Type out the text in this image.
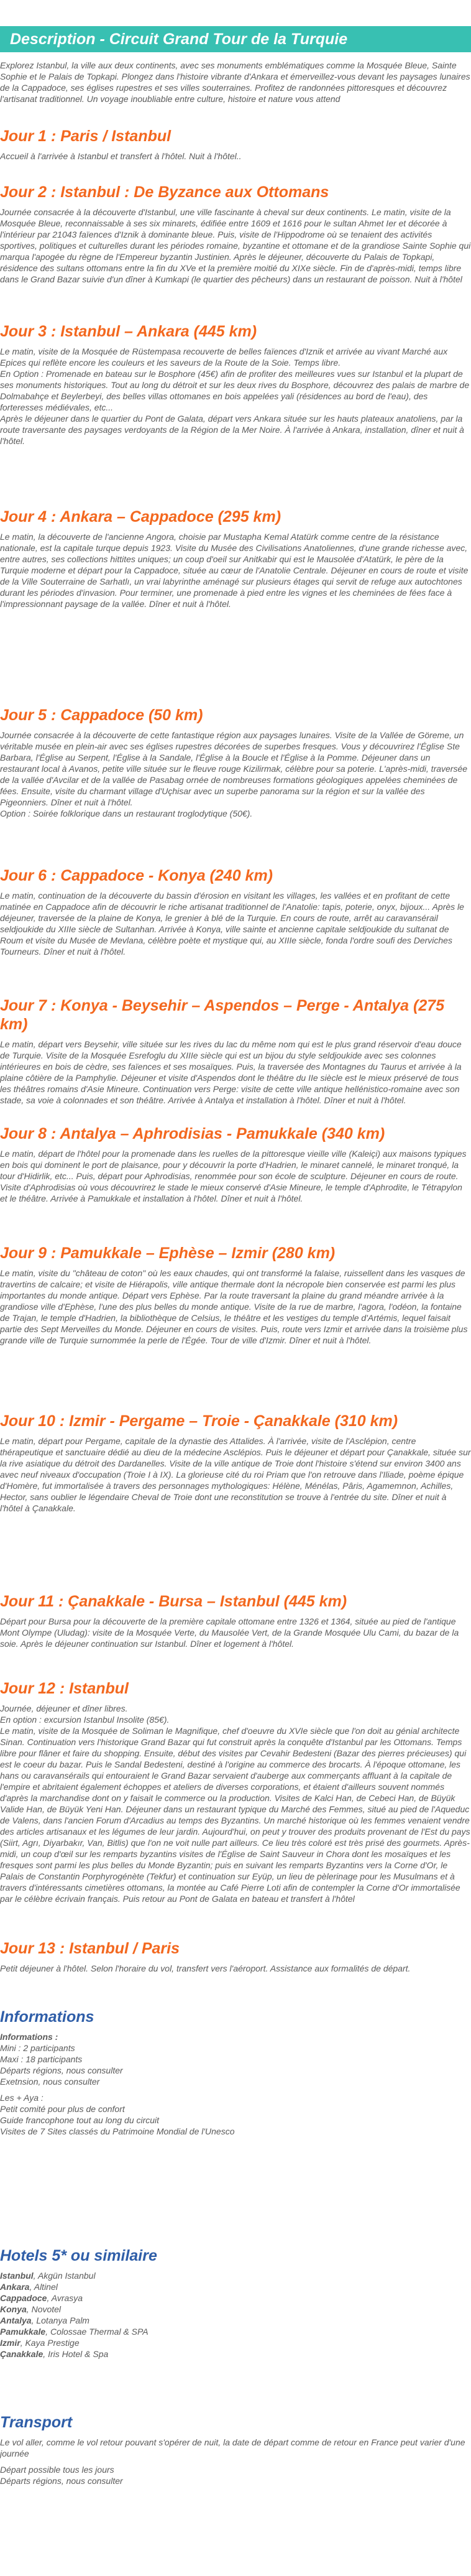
Description - Circuit Grand Tour de la Turquie

Explorez Istanbul, la ville aux deux continents, avec ses monuments emblématiques comme la Mosquée Bleue, Sainte Sophie et le Palais de Topkapi. Plongez dans l'histoire vibrante d'Ankara et émerveillez-vous devant les paysages lunaires de la Cappadoce, ses églises rupestres et ses villes souterraines. Profitez de randonnées pittoresques et découvrez l'artisanat traditionnel. Un voyage inoubliable entre culture, histoire et nature vous attend

Jour 1 : Paris / Istanbul

Accueil à l'arrivée à Istanbul et transfert à l'hôtel. Nuit à l'hôtel..

Jour 2 : Istanbul : De Byzance aux Ottomans

Journée consacrée à la découverte d'Istanbul, une ville fascinante à cheval sur deux continents. Le matin, visite de la Mosquée Bleue, reconnaissable à ses six minarets, édifiée entre 1609 et 1616 pour le sultan Ahmet Ier et décorée à l'intérieur par 21043 faïences d'Iznik à dominante bleue. Puis, visite de l'Hippodrome où se tenaient des activités sportives, politiques et culturelles durant les périodes romaine, byzantine et ottomane et de la grandiose Sainte Sophie qui marqua l'apogée du règne de l'Empereur byzantin Justinien. Après le déjeuner, découverte du Palais de Topkapi, résidence des sultans ottomans entre la fin du XVe et la première moitié du XIXe siècle. Fin de d'après-midi, temps libre dans le Grand Bazar suivie d'un dîner à Kumkapi (le quartier des pêcheurs) dans un restaurant de poisson. Nuit à l'hôtel

Jour 3 : Istanbul – Ankara (445 km)

Le matin, visite de la Mosquée de Rüstempasa recouverte de belles faïences d'Iznik et arrivée au vivant Marché aux Epices qui reflète encore les couleurs et les saveurs de la Route de la Soie. Temps libre.

En Option : Promenade en bateau sur le Bosphore (45€) afin de profiter des meilleures vues sur Istanbul et la plupart de ses monuments historiques. Tout au long du détroit et sur les deux rives du Bosphore, découvrez des palais de marbre de Dolmabahçe et Beylerbeyi, des belles villas ottomanes en bois appelées yali (résidences au bord de l'eau), des forteresses médiévales, etc...

Après le déjeuner dans le quartier du Pont de Galata, départ vers Ankara située sur les hauts plateaux anatoliens, par la route traversante des paysages verdoyants de la Région de la Mer Noire. À l'arrivée à Ankara, installation, dîner et nuit à l'hôtel.

Jour 4 : Ankara – Cappadoce (295 km)

Le matin, la découverte de l'ancienne Angora, choisie par Mustapha Kemal Atatürk comme centre de la résistance nationale, est la capitale turque depuis 1923. Visite du Musée des Civilisations Anatoliennes, d'une grande richesse avec, entre autres, ses collections hittites uniques; un coup d'oeil sur Anitkabir qui est le Mausolée d'Atatürk, le père de la Turquie moderne et départ pour la Cappadoce, située au cœur de l'Anatolie Centrale. Déjeuner en cours de route et visite de la Ville Souterraine de Sarhatlı, un vrai labyrinthe aménagé sur plusieurs étages qui servit de refuge aux autochtones durant les périodes d'invasion. Pour terminer, une promenade à pied entre les vignes et les cheminées de fées face à l'impressionnant paysage de la vallée. Dîner et nuit à l'hôtel.

Jour 5 : Cappadoce (50 km)

Journée consacrée à la découverte de cette fantastique région aux paysages lunaires. Visite de la Vallée de Göreme, un véritable musée en plein-air avec ses églises rupestres décorées de superbes fresques. Vous y découvrirez l'Église Ste Barbara, l'Église au Serpent, l'Église à la Sandale, l'Église à la Boucle et l'Église à la Pomme. Déjeuner dans un restaurant local à Avanos, petite ville située sur le fleuve rouge Kizilirmak, célèbre pour sa poterie. L'après-midi, traversée de la vallée d'Avcilar et de la vallée de Pasabag ornée de nombreuses formations géologiques appelées cheminées de fées. Ensuite, visite du charmant village d'Uçhisar avec un superbe panorama sur la région et sur la vallée des Pigeonniers. Dîner et nuit à l'hôtel.

Option : Soirée folklorique dans un restaurant troglodytique (50€).

Jour 6 : Cappadoce - Konya (240 km)

Le matin, continuation de la découverte du bassin d'érosion en visitant les villages, les vallées et en profitant de cette matinée en Cappadoce afin de découvrir le riche artisanat traditionnel de l'Anatolie: tapis, poterie, onyx, bijoux... Après le déjeuner, traversée de la plaine de Konya, le grenier à blé de la Turquie. En cours de route, arrêt au caravansérail seldjoukide du XIIIe siècle de Sultanhan. Arrivée à Konya, ville sainte et ancienne capitale seldjoukide du sultanat de Roum et visite du Musée de Mevlana, célèbre poète et mystique qui, au XIIIe siècle, fonda l'ordre soufi des Derviches Tourneurs. Dîner et nuit à l'hôtel.

Jour 7 : Konya - Beysehir – Aspendos – Perge - Antalya (275 km)

Le matin, départ vers Beysehir, ville située sur les rives du lac du même nom qui est le plus grand réservoir d'eau douce de Turquie. Visite de la Mosquée Esrefoglu du XIIIe siècle qui est un bijou du style seldjoukide avec ses colonnes intérieures en bois de cèdre, ses faïences et ses mosaïques. Puis, la traversée des Montagnes du Taurus et arrivée à la plaine côtière de la Pamphylie. Déjeuner et visite d'Aspendos dont le théâtre du IIe siècle est le mieux préservé de tous les théâtres romains d'Asie Mineure. Continuation vers Perge: visite de cette ville antique hellénistico-romaine avec son stade, sa voie à colonnades et son théâtre. Arrivée à Antalya et installation à l'hôtel. Dîner et nuit à l'hôtel.

Jour 8 : Antalya – Aphrodisias - Pamukkale (340 km)

Le matin, départ de l'hôtel pour la promenade dans les ruelles de la pittoresque vieille ville (Kaleiçi) aux maisons typiques en bois qui dominent le port de plaisance, pour y découvrir la porte d'Hadrien, le minaret cannelé, le minaret tronqué, la tour d'Hidirlik, etc... Puis, départ pour Aphrodisias, renommée pour son école de sculpture. Déjeuner en cours de route. Visite d'Aphrodisias où vous découvrirez le stade le mieux conservé d'Asie Mineure, le temple d'Aphrodite, le Tétrapylon et le théâtre. Arrivée à Pamukkale et installation à l'hôtel. Dîner et nuit à l'hôtel.

Jour 9 : Pamukkale – Ephèse – Izmir (280 km)

Le matin, visite du "château de coton" où les eaux chaudes, qui ont transformé la falaise, ruissellent dans les vasques de travertins de calcaire; et visite de Hiérapolis, ville antique thermale dont la nécropole bien conservée est parmi les plus importantes du monde antique. Départ vers Ephèse. Par la route traversant la plaine du grand méandre arrivée à la grandiose ville d'Ephèse, l'une des plus belles du monde antique. Visite de la rue de marbre, l'agora, l'odéon, la fontaine de Trajan, le temple d'Hadrien, la bibliothèque de Celsius, le théâtre et les vestiges du temple d'Artémis, lequel faisait partie des Sept Merveilles du Monde. Déjeuner en cours de visites. Puis, route vers Izmir et arrivée dans la troisième plus grande ville de Turquie surnommée la perle de l'Égée. Tour de ville d'Izmir. Dîner et nuit à l'hôtel.

Jour 10 : Izmir - Pergame – Troie - Çanakkale (310 km)

Le matin, départ pour Pergame, capitale de la dynastie des Attalides. À l'arrivée, visite de l'Asclépion, centre thérapeutique et sanctuaire dédié au dieu de la médecine Asclépios. Puis le déjeuner et départ pour Çanakkale, située sur la rive asiatique du détroit des Dardanelles. Visite de la ville antique de Troie dont l'histoire s'étend sur environ 3400 ans avec neuf niveaux d'occupation (Troie I à IX). La glorieuse cité du roi Priam que l'on retrouve dans l'Iliade, poème épique d'Homère, fut immortalisée à travers des personnages mythologiques: Hélène, Ménélas, Pâris, Agamemnon, Achilles, Hector, sans oublier le légendaire Cheval de Troie dont une reconstitution se trouve à l'entrée du site. Dîner et nuit à l'hôtel à Çanakkale.

Jour 11 : Çanakkale - Bursa – Istanbul (445 km)

Départ pour Bursa pour la découverte de la première capitale ottomane entre 1326 et 1364, située au pied de l'antique Mont Olympe (Uludag): visite de la Mosquée Verte, du Mausolée Vert, de la Grande Mosquée Ulu Cami, du bazar de la soie. Après le déjeuner continuation sur Istanbul. Dîner et logement à l'hôtel.

Jour 12 : Istanbul

Journée, déjeuner et dîner libres.

En option : excursion Istanbul Insolite (85€).

Le matin, visite de la Mosquée de Soliman le Magnifique, chef d'oeuvre du XVIe siècle que l'on doit au génial architecte Sinan. Continuation vers l'historique Grand Bazar qui fut construit après la conquête d'Istanbul par les Ottomans. Temps libre pour flâner et faire du shopping. Ensuite, début des visites par Cevahir Bedesteni (Bazar des pierres précieuses) qui est le coeur du bazar. Puis le Sandal Bedesteni, destiné à l'origine au commerce des brocarts. À l'époque ottomane, les hans ou caravansérails qui entouraient le Grand Bazar servaient d'auberge aux commerçants affluant à la capitale de l'empire et abritaient également échoppes et ateliers de diverses corporations, et étaient d'ailleurs souvent nommés d'après la marchandise dont on y faisait le commerce ou la production. Visites de Kalci Han, de Cebeci Han, de Büyük Valide Han, de Büyük Yeni Han. Déjeuner dans un restaurant typique du Marché des Femmes, situé au pied de l'Aqueduc de Valens, dans l'ancien Forum d'Arcadius au temps des Byzantins. Un marché historique où les femmes venaient vendre des articles artisanaux et les légumes de leur jardin. Aujourd'hui, on peut y trouver des produits provenant de l'Est du pays (Siirt, Agrı, Diyarbakır, Van, Bitlis) que l'on ne voit nulle part ailleurs. Ce lieu très coloré est très prisé des gourmets. Après-midi, un coup d'œil sur les remparts byzantins visites de l'Église de Saint Sauveur in Chora dont les mosaïques et les fresques sont parmi les plus belles du Monde Byzantin; puis en suivant les remparts Byzantins vers la Corne d'Or, le Palais de Constantin Porphyrogénète (Tekfur) et continuation sur Eyüp, un lieu de pèlerinage pour les Musulmans et à travers d'intéressants cimetières ottomans, la montée au Café Pierre Loti afin de contempler la Corne d'Or immortalisée par le célèbre écrivain français. Puis retour au Pont de Galata en bateau et transfert à l'hôtel

Jour 13 : Istanbul / Paris

Petit déjeuner à l'hôtel. Selon l'horaire du vol, transfert vers l'aéroport. Assistance aux formalités de départ.

Informations

Informations :

Mini : 2 participants

Maxi : 18 participants

Départs régions, nous consulter

Exetnsion, nous consulter

Les + Aya :

Petit comité pour plus de confort

Guide francophone tout au long du circuit

Visites de 7 Sites classés du Patrimoine Mondial de l'Unesco

Hotels 5* ou similaire

Istanbul, Akgün Istanbul

Ankara, Altinel

Cappadoce, Avrasya

Konya, Novotel

Antalya, Lotanya Palm

Pamukkale, Colossae Thermal & SPA

Izmir, Kaya Prestige

Çanakkale, Iris Hotel & Spa

Transport

Le vol aller, comme le vol retour pouvant s'opérer de nuit, la date de départ comme de retour en France peut varier d'une journée

Départ possible tous les jours

Départs régions, nous consulter
